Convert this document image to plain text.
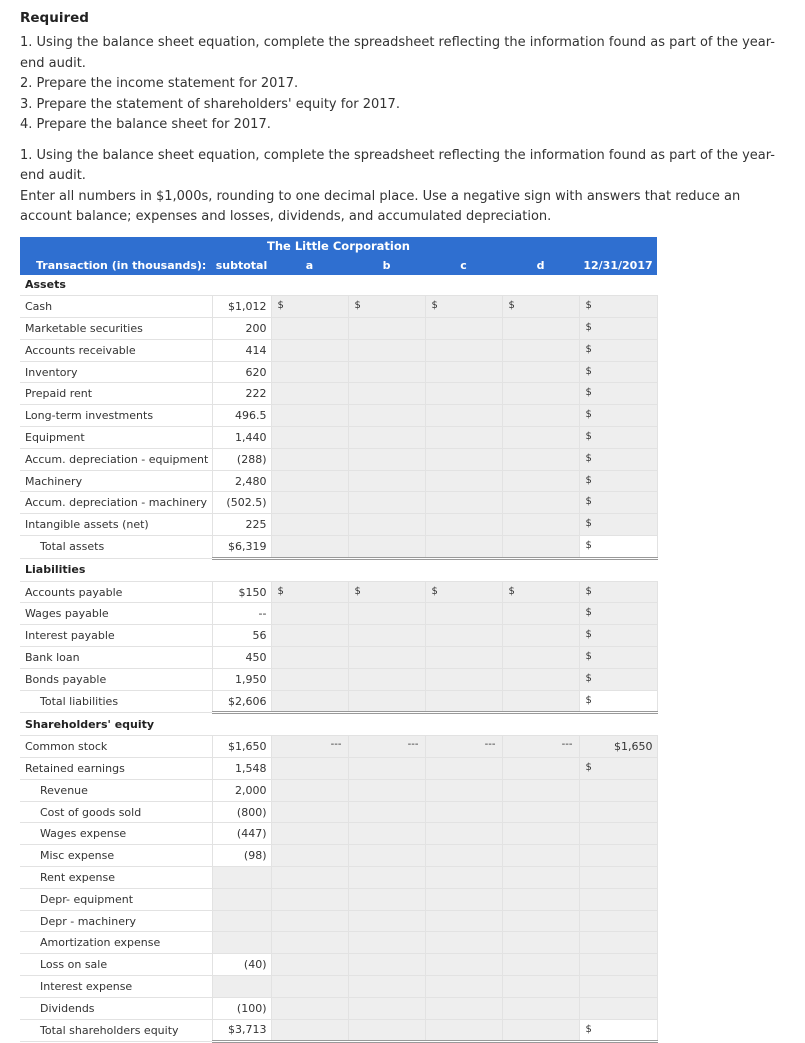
Required

1. Using the balance sheet equation, complete the spreadsheet reflecting the information found as part of the year-end audit.

2. Prepare the income statement for 2017.

3. Prepare the statement of shareholders' equity for 2017.

4. Prepare the balance sheet for 2017.

1. Using the balance sheet equation, complete the spreadsheet reflecting the information found as part of the year-end audit.

Enter all numbers in $1,000s, rounding to one decimal place. Use a negative sign with answers that reduce an account balance; expenses and losses, dividends, and accumulated depreciation.

The Little Corporation						
Transaction (in thousands):	subtotal	a	b	c	d	12/31/2017
Assets						
Cash	$1,012	$	$	$	$	$

Marketable securities	200					$

Accounts receivable	414					$

Inventory	620					$

Prepaid rent	222					$

Long-term investments	496.5					$

Equipment	1,440					$

Accum. depreciation - equipment	(288)					$

Machinery	2,480					$

Accum. depreciation - machinery	(502.5)					$

Intangible assets (net)	225					$

Total assets	$6,319					$

Liabilities						
Accounts payable	$150	$	$	$	$	$

Wages payable	--					$

Interest payable	56					$

Bank loan	450					$

Bonds payable	1,950					$

Total liabilities	$2,606					$

Shareholders' equity						
Common stock	$1,650	---	---	---	---	$1,650

Retained earnings	1,548					$

Revenue	2,000					
Cost of goods sold	(800)					
Wages expense	(447)					
Misc expense	(98)					
Rent expense						
Depr- equipment						
Depr - machinery						
Amortization expense						
Loss on sale	(40)					
Interest expense						
Dividends	(100)					
Total shareholders equity	$3,713					$
